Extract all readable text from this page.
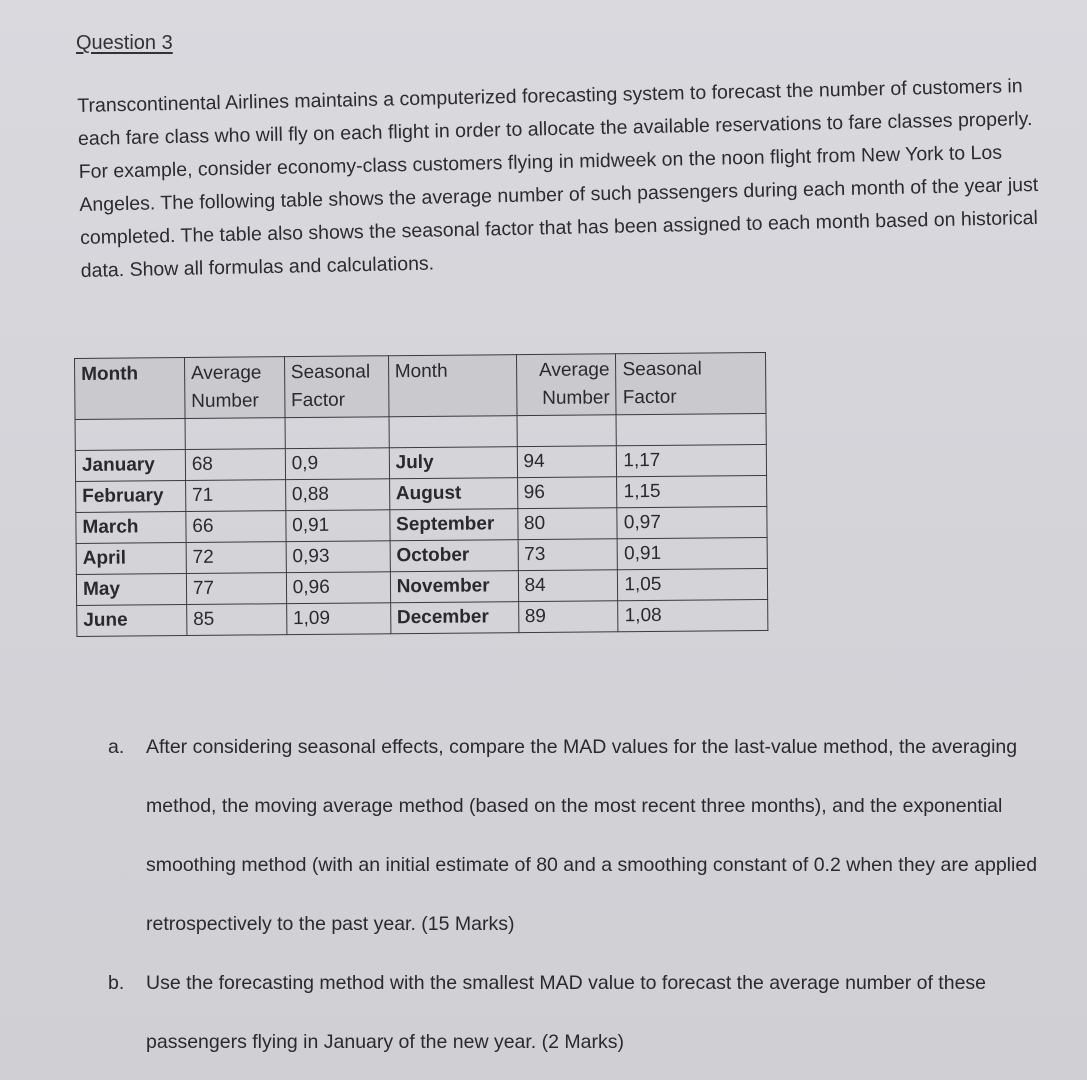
Question 3

Transcontinental Airlines maintains a computerized forecasting system to forecast the number of customers in each fare class who will fly on each flight in order to allocate the available reservations to fare classes properly. For example, consider economy-class customers flying in midweek on the noon flight from New York to Los Angeles. The following table shows the average number of such passengers during each month of the year just completed. The table also shows the seasonal factor that has been assigned to each month based on historical data. Show all formulas and calculations.

Month	Average Number	Seasonal Factor	Month	Average Number	Seasonal Factor

January	68	0,9	July	94	1,17
February	71	0,88	August	96	1,15
March	66	0,91	September	80	0,97
April	72	0,93	October	73	0,91
May	77	0,96	November	84	1,05
June	85	1,09	December	89	1,08
a. After considering seasonal effects, compare the MAD values for the last-value method, the averaging method, the moving average method (based on the most recent three months), and the exponential smoothing method (with an initial estimate of 80 and a smoothing constant of 0.2 when they are applied retrospectively to the past year. (15 Marks)
b. Use the forecasting method with the smallest MAD value to forecast the average number of these passengers flying in January of the new year. (2 Marks)
